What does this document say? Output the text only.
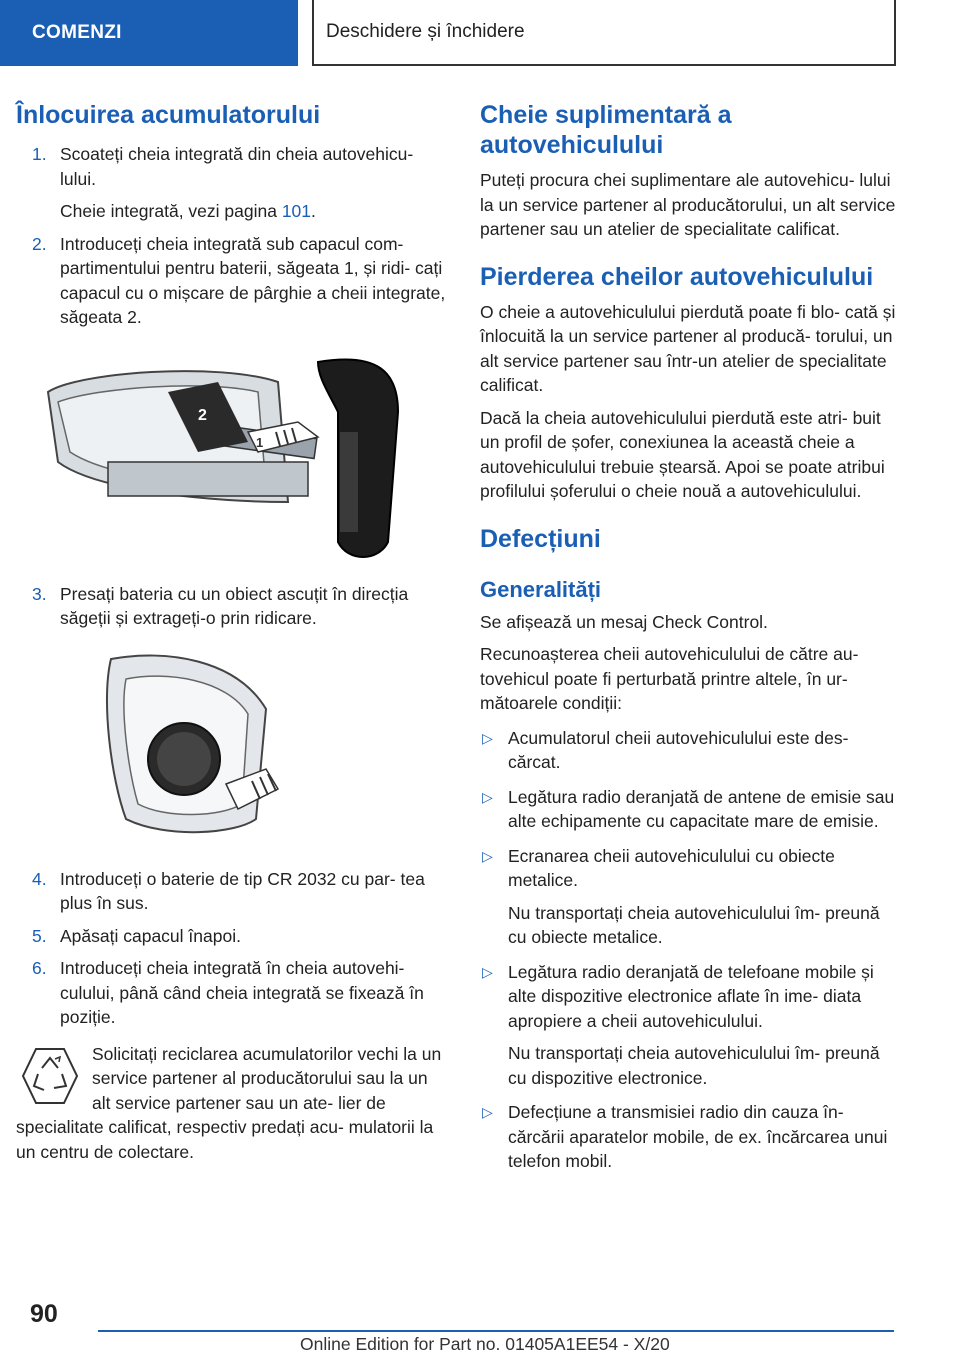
COMENZI	Deschidere și închidere
Înlocuirea acumulatorului
1. Scoateți cheia integrată din cheia autovehicu- lului.

Cheie integrată, vezi pagina 101.

2. Introduceți cheia integrată sub capacul com- partimentului pentru baterii, săgeata 1, și ridi- cați capacul cu o mișcare de pârghie a cheii integrate, săgeata 2.
2
1
3. Presați bateria cu un obiect ascuțit în direcția săgeții și extrageți-o prin ridicare.
4. Introduceți o baterie de tip CR 2032 cu par- tea plus în sus.
5. Apăsați capacul înapoi.
6. Introduceți cheia integrată în cheia autovehi- culului, până când cheia integrată se fixează în poziție.

Solicitați reciclarea acumulatorilor vechi la un service partener al producătorului sau la un alt service partener sau un ate- lier de specialitate calificat, respectiv predați acu- mulatorii la un centru de colectare.

Cheie suplimentară a autovehiculului

Puteți procura chei suplimentare ale autovehicu- lului la un service partener al producătorului, un alt service partener sau un atelier de specialitate calificat.

Pierderea cheilor autovehiculului

O cheie a autovehiculului pierdută poate fi blo- cată și înlocuită la un service partener al producă- torului, un alt service partener sau într-un atelier de specialitate calificat.

Dacă la cheia autovehiculului pierdută este atri- buit un profil de șofer, conexiunea la această cheie a autovehiculului trebuie ștearsă. Apoi se poate atribui profilului șoferului o cheie nouă a autovehiculului.

Defecțiuni
Generalități

Se afișează un mesaj Check Control.

Recunoașterea cheii autovehiculului de către au- tovehicul poate fi perturbată printre altele, în ur- mătoarele condiții:

▷ Acumulatorul cheii autovehiculului este des- cărcat.
▷ Legătura radio deranjată de antene de emisie sau alte echipamente cu capacitate mare de emisie.
▷ Ecranarea cheii autovehiculului cu obiecte metalice.

Nu transportați cheia autovehiculului îm- preună cu obiecte metalice.

▷ Legătura radio deranjată de telefoane mobile și alte dispozitive electronice aflate în ime- diata apropiere a cheii autovehiculului.

Nu transportați cheia autovehiculului îm- preună cu dispozitive electronice.

▷ Defecțiune a transmisiei radio din cauza în- cărcării aparatelor mobile, de ex. încărcarea unui telefon mobil.
90
Online Edition for Part no. 01405A1EE54 - X/20
